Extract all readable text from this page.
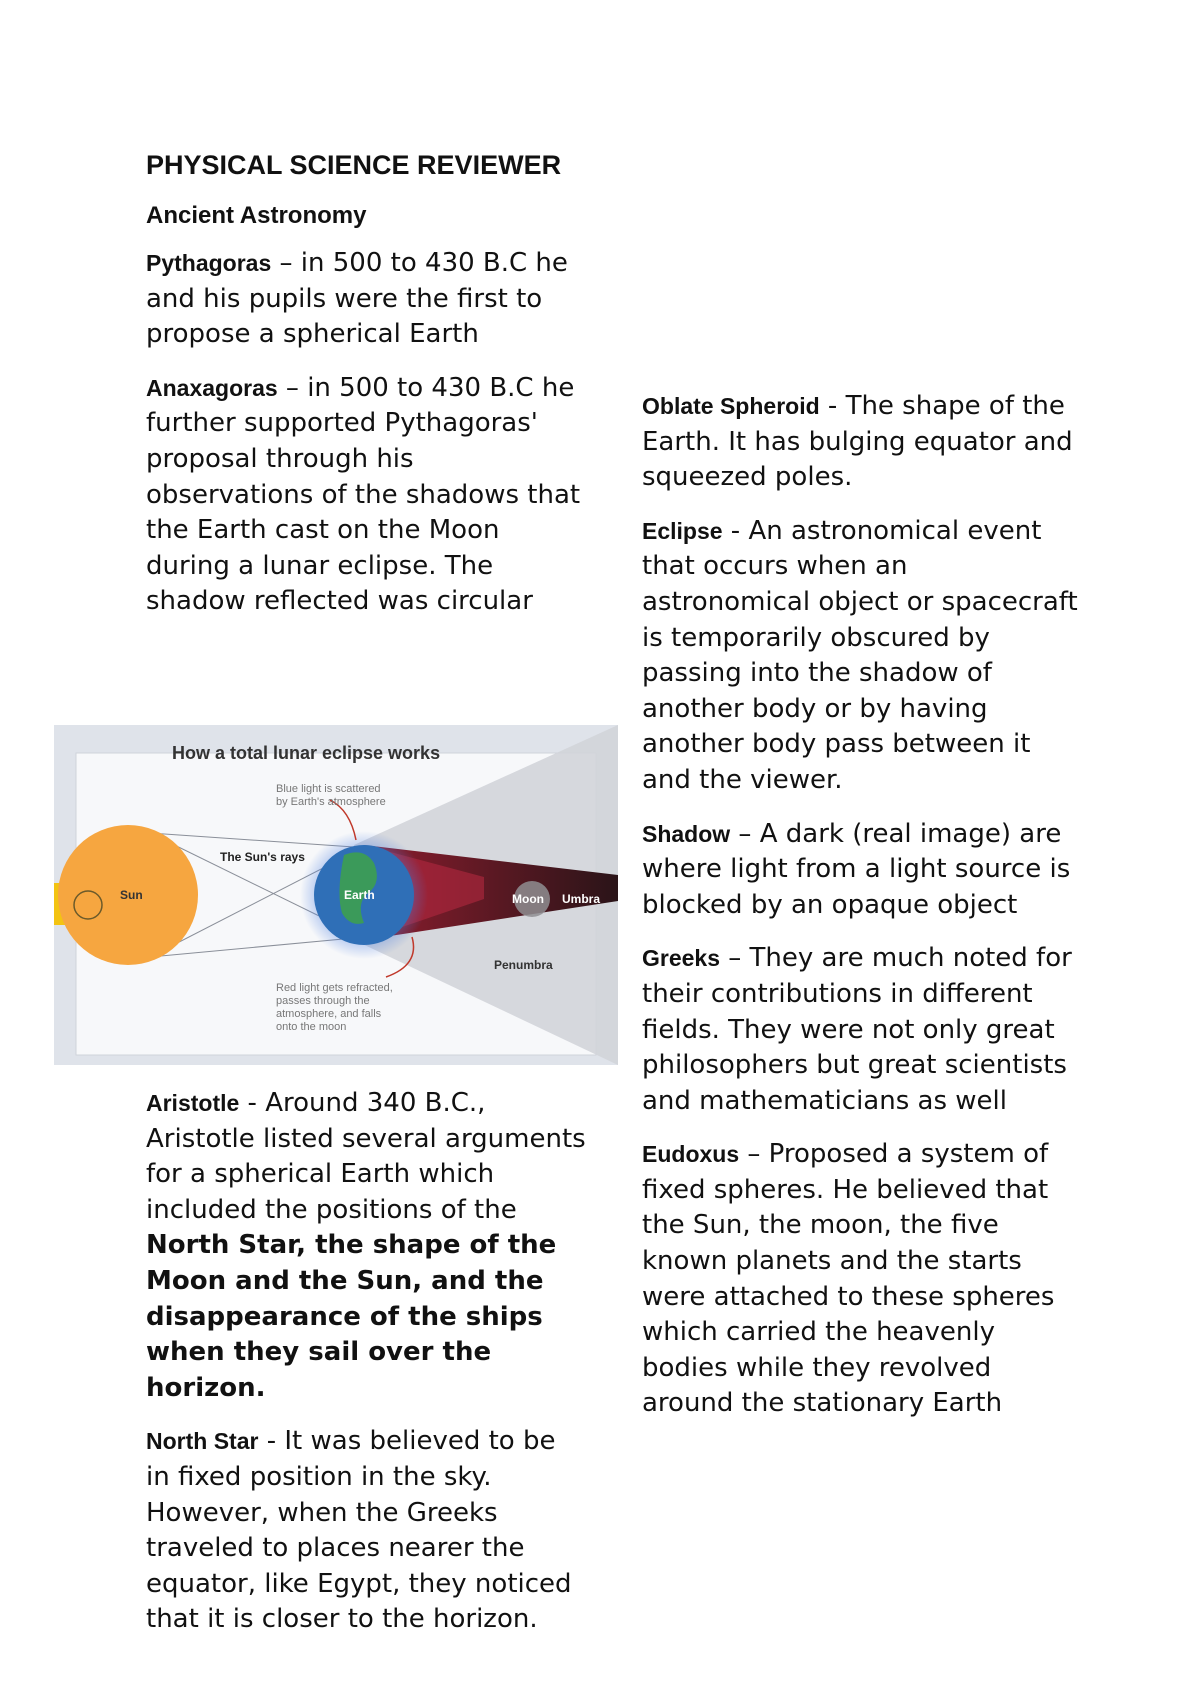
PHYSICAL SCIENCE REVIEWER

Ancient Astronomy

Pythagoras – in 500 to 430 B.C he and his pupils were the first to propose a spherical Earth

Anaxagoras – in 500 to 430 B.C he further supported Pythagoras' proposal through his observations of the shadows that the Earth cast on the Moon during a lunar eclipse. The shadow reflected was circular

How a total lunar eclipse works
Blue light is scattered
by Earth's atmosphere
The Sun's rays
Sun	Earth	Moon Umbra
Penumbra
Red light gets refracted,
passes through the
atmosphere, and falls
onto the moon

Aristotle - Around 340 B.C., Aristotle listed several arguments for a spherical Earth which included the positions of the North Star, the shape of the Moon and the Sun, and the disappearance of the ships when they sail over the horizon.

North Star - It was believed to be in fixed position in the sky. However, when the Greeks traveled to places nearer the equator, like Egypt, they noticed that it is closer to the horizon.

Oblate Spheroid - The shape of the Earth. It has bulging equator and squeezed poles.

Eclipse - An astronomical event that occurs when an astronomical object or spacecraft is temporarily obscured by passing into the shadow of another body or by having another body pass between it and the viewer.

Shadow – A dark (real image) are where light from a light source is blocked by an opaque object

Greeks – They are much noted for their contributions in different fields. They were not only great philosophers but great scientists and mathematicians as well

Eudoxus – Proposed a system of fixed spheres. He believed that the Sun, the moon, the five known planets and the starts were attached to these spheres which carried the heavenly bodies while they revolved around the stationary Earth
